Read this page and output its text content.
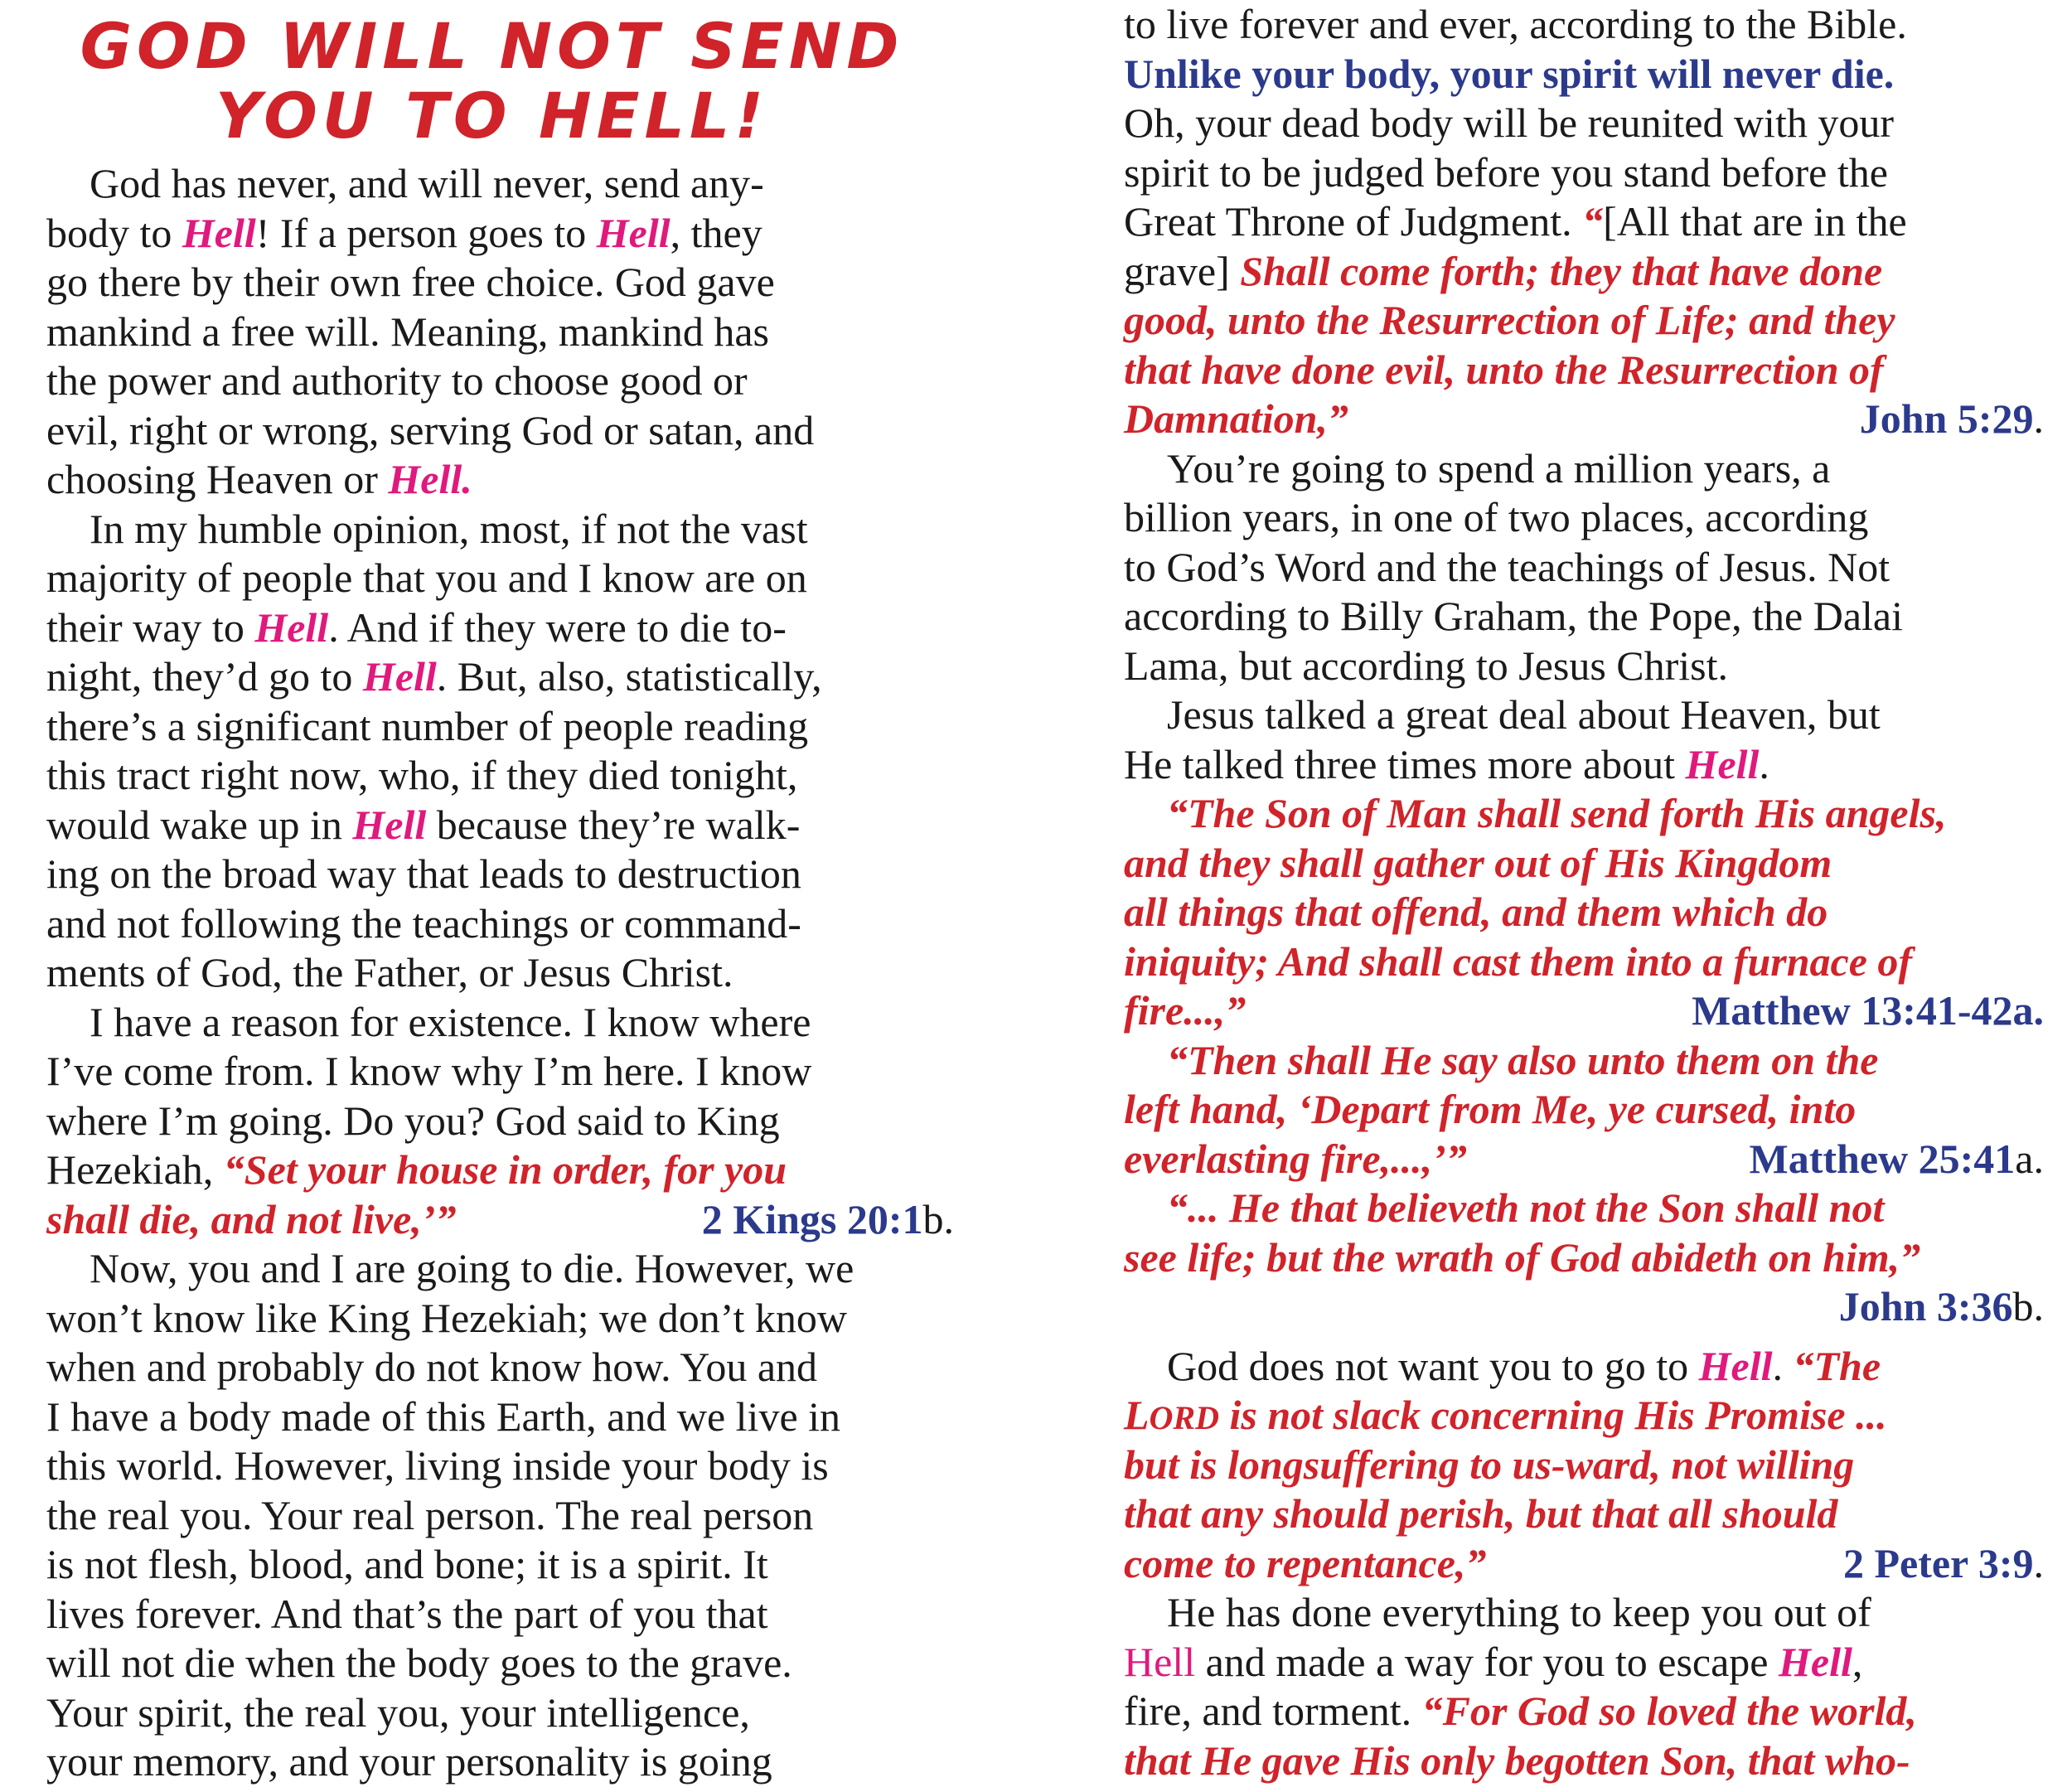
GOD WILL NOT SEND
YOU TO HELL!
God has never, and will never, send any-
body to Hell! If a person goes to Hell, they
go there by their own free choice. God gave
mankind a free will. Meaning, mankind has
the power and authority to choose good or
evil, right or wrong, serving God or satan, and
choosing Heaven or Hell.
In my humble opinion, most, if not the vast
majority of people that you and I know are on
their way to Hell. And if they were to die to-
night, they’d go to Hell. But, also, statistically,
there’s a significant number of people reading
this tract right now, who, if they died tonight,
would wake up in Hell because they’re walk-
ing on the broad way that leads to destruction
and not following the teachings or command-
ments of God, the Father, or Jesus Christ.
I have a reason for existence. I know where
I’ve come from. I know why I’m here. I know
where I’m going. Do you? God said to King
Hezekiah, “Set your house in order, for you
shall die, and not live,’”	2 Kings 20:1b.
Now, you and I are going to die. However, we
won’t know like King Hezekiah; we don’t know
when and probably do not know how. You and
I have a body made of this Earth, and we live in
this world. However, living inside your body is
the real you. Your real person. The real person
is not flesh, blood, and bone; it is a spirit. It
lives forever. And that’s the part of you that
will not die when the body goes to the grave.
Your spirit, the real you, your intelligence,
your memory, and your personality is going
to live forever and ever, according to the Bible.
Unlike your body, your spirit will never die.
Oh, your dead body will be reunited with your
spirit to be judged before you stand before the
Great Throne of Judgment. “[All that are in the
grave] Shall come forth; they that have done
good, unto the Resurrection of Life; and they
that have done evil, unto the Resurrection of
Damnation,”	John 5:29.
You’re going to spend a million years, a
billion years, in one of two places, according
to God’s Word and the teachings of Jesus. Not
according to Billy Graham, the Pope, the Dalai
Lama, but according to Jesus Christ.
Jesus talked a great deal about Heaven, but
He talked three times more about Hell.
“The Son of Man shall send forth His angels,
and they shall gather out of His Kingdom
all things that offend, and them which do
iniquity; And shall cast them into a furnace of
fire...,”	Matthew 13:41-42a.
“Then shall He say also unto them on the
left hand, ‘Depart from Me, ye cursed, into
everlasting fire,...,’”	Matthew 25:41a.
“... He that believeth not the Son shall not
see life; but the wrath of God abideth on him,”
John 3:36b.
God does not want you to go to Hell. “The
LORD is not slack concerning His Promise ...
but is longsuffering to us-ward, not willing
that any should perish, but that all should
come to repentance,”	2 Peter 3:9.
He has done everything to keep you out of
Hell and made a way for you to escape Hell,
fire, and torment. “For God so loved the world,
that He gave His only begotten Son, that who-
